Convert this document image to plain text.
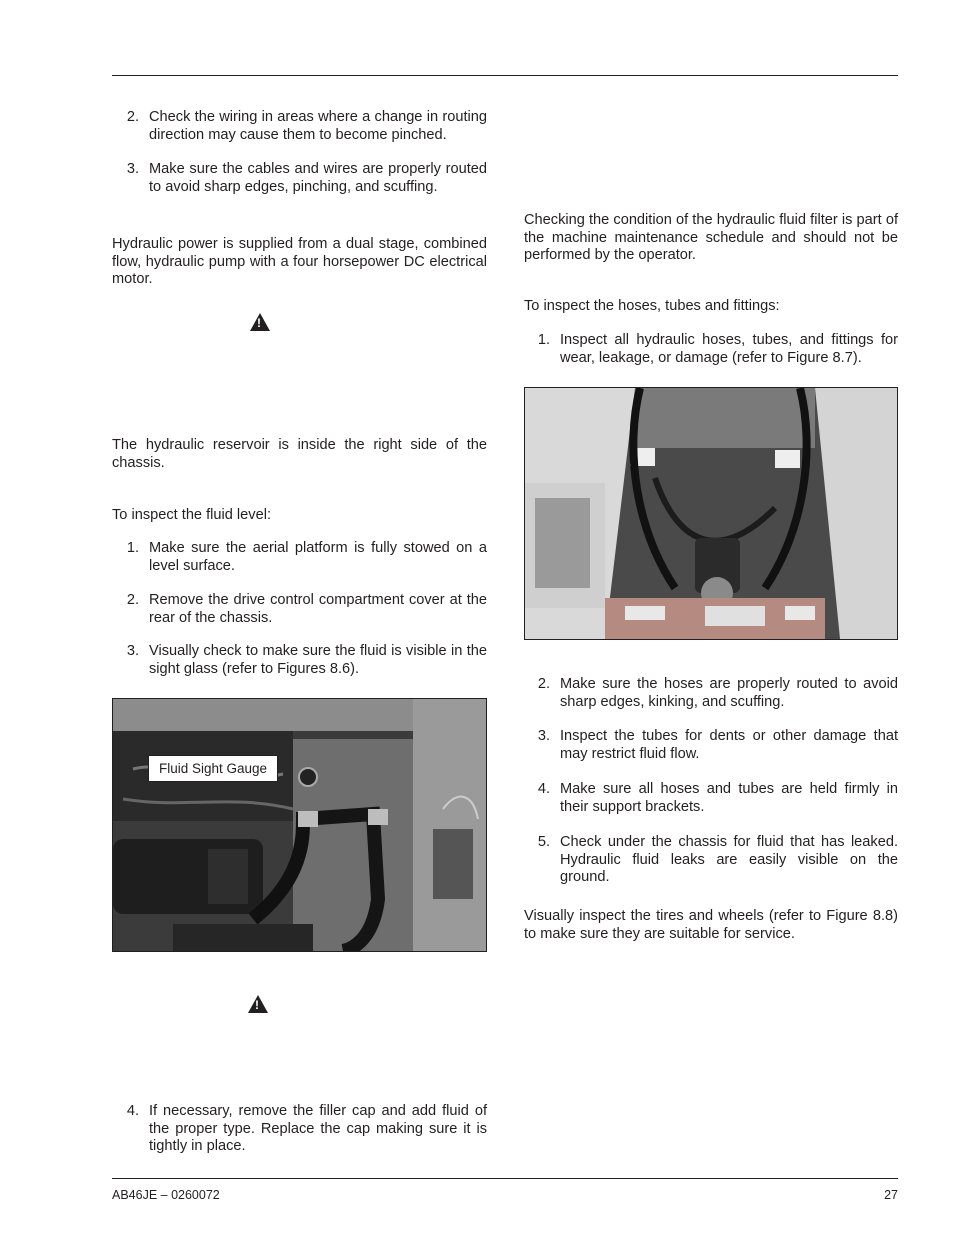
2. Check the wiring in areas where a change in routing direction may cause them to become pinched.
3. Make sure the cables and wires are properly routed to avoid sharp edges, pinching, and scuffing.
Hydraulic power is supplied from a dual stage, combined flow, hydraulic pump with a four horsepower DC electrical motor.
!
The hydraulic reservoir is inside the right side of the chassis.
To inspect the fluid level:
1. Make sure the aerial platform is fully stowed on a level surface.
2. Remove the drive control compartment cover at the rear of the chassis.
3. Visually check to make sure the fluid is visible in the sight glass (refer to Figures 8.6).
Fluid Sight Gauge
!
4. If necessary, remove the filler cap and add fluid of the proper type. Replace the cap making sure it is tightly in place.
Checking the condition of the hydraulic fluid filter is part of the machine maintenance schedule and should not be performed by the operator.
To inspect the hoses, tubes and fittings:
1. Inspect all hydraulic hoses, tubes, and fittings for wear, leakage, or damage (refer to Figure 8.7).
2. Make sure the hoses are properly routed to avoid sharp edges, kinking, and scuffing.
3. Inspect the tubes for dents or other damage that may restrict fluid flow.
4. Make sure all hoses and tubes are held firmly in their support brackets.
5. Check under the chassis for fluid that has leaked. Hydraulic fluid leaks are easily visible on the ground.
Visually inspect the tires and wheels (refer to Figure 8.8) to make sure they are suitable for service.
AB46JE – 0260072	27
